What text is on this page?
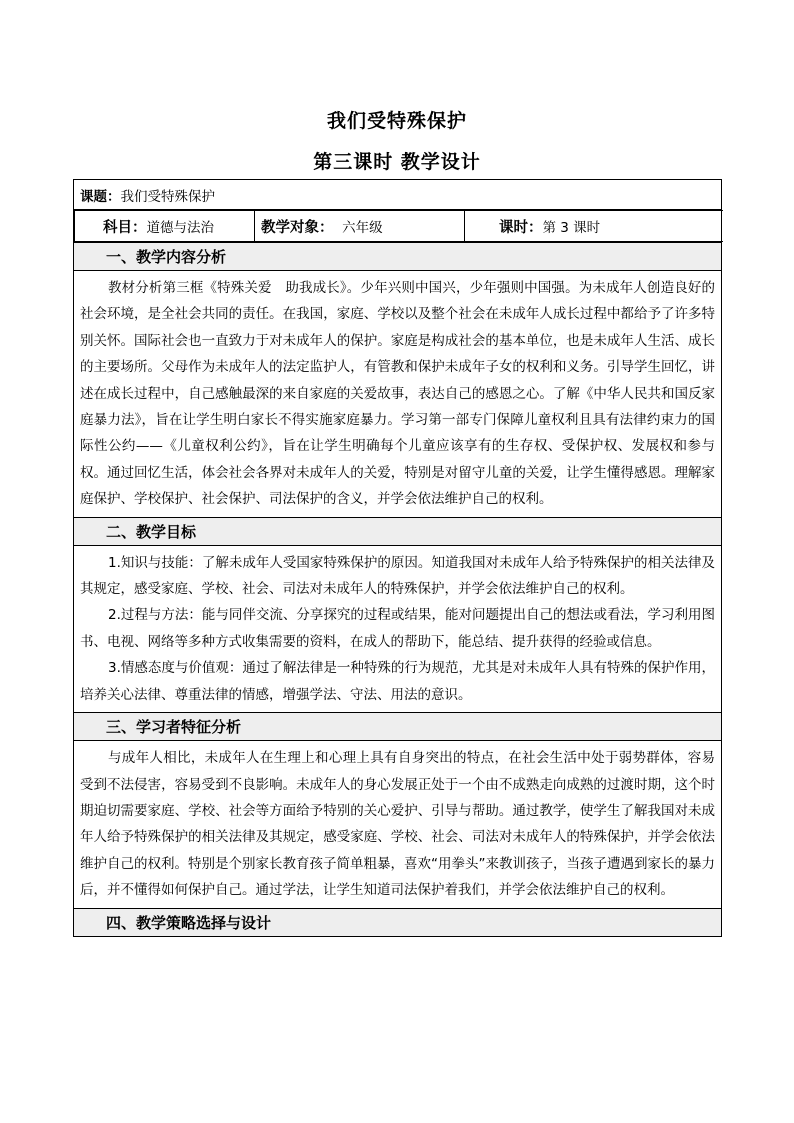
我们受特殊保护
第三课时 教学设计
课题：我们受特殊保护

科目：道德与法治	教学对象： 六年级	课时：第 3 课时

一、教学内容分析

教材分析第三框《特殊关爱　助我成长》。少年兴则中国兴，少年强则中国强。为未成年人创造良好的社会环境，是全社会共同的责任。在我国，家庭、学校以及整个社会在未成年人成长过程中都给予了许多特别关怀。国际社会也一直致力于对未成年人的保护。家庭是构成社会的基本单位，也是未成年人生活、成长的主要场所。父母作为未成年人的法定监护人，有管教和保护未成年子女的权利和义务。引导学生回忆，讲述在成长过程中，自己感触最深的来自家庭的关爱故事，表达自己的感恩之心。了解《中华人民共和国反家庭暴力法》，旨在让学生明白家长不得实施家庭暴力。学习第一部专门保障儿童权利且具有法律约束力的国际性公约——《儿童权利公约》，旨在让学生明确每个儿童应该享有的生存权、受保护权、发展权和参与权。通过回忆生活，体会社会各界对未成年人的关爱，特别是对留守儿童的关爱，让学生懂得感恩。理解家庭保护、学校保护、社会保护、司法保护的含义，并学会依法维护自己的权利。

二、教学目标

1.知识与技能：了解未成年人受国家特殊保护的原因。知道我国对未成年人给予特殊保护的相关法律及其规定，感受家庭、学校、社会、司法对未成年人的特殊保护，并学会依法维护自己的权利。

2.过程与方法：能与同伴交流、分享探究的过程或结果，能对问题提出自己的想法或看法，学习利用图书、电视、网络等多种方式收集需要的资料，在成人的帮助下，能总结、提升获得的经验或信息。

3.情感态度与价值观：通过了解法律是一种特殊的行为规范，尤其是对未成年人具有特殊的保护作用，培养关心法律、尊重法律的情感，增强学法、守法、用法的意识。

三、学习者特征分析

与成年人相比，未成年人在生理上和心理上具有自身突出的特点，在社会生活中处于弱势群体，容易受到不法侵害，容易受到不良影响。未成年人的身心发展正处于一个由不成熟走向成熟的过渡时期，这个时期迫切需要家庭、学校、社会等方面给予特别的关心爱护、引导与帮助。通过教学，使学生了解我国对未成年人给予特殊保护的相关法律及其规定，感受家庭、学校、社会、司法对未成年人的特殊保护，并学会依法维护自己的权利。特别是个别家长教育孩子简单粗暴，喜欢“用拳头”来教训孩子，当孩子遭遇到家长的暴力后，并不懂得如何保护自己。通过学法，让学生知道司法保护着我们，并学会依法维护自己的权利。

四、教学策略选择与设计
